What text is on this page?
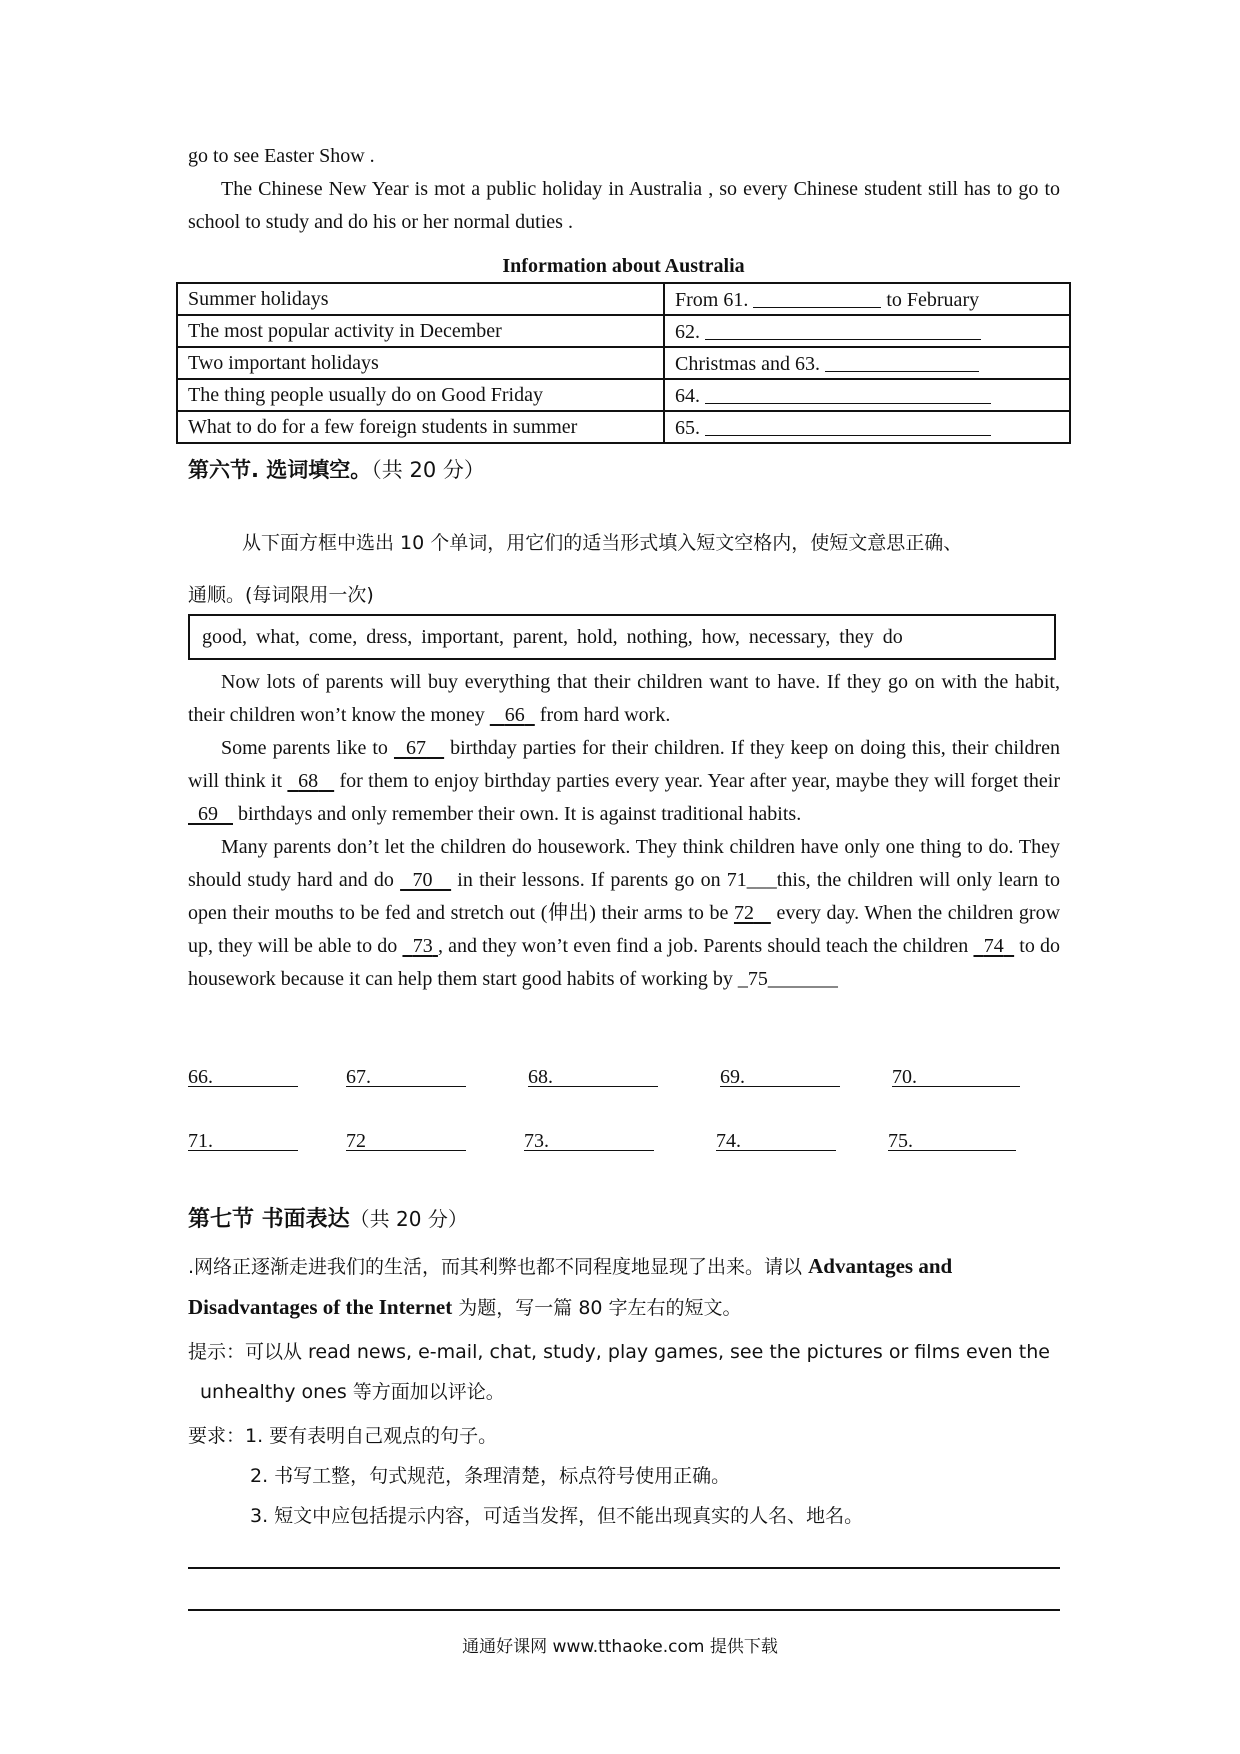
go to see Easter Show .

The Chinese New Year is mot a public holiday in Australia , so every Chinese student still has to go to school to study and do his or her normal duties .

Information about Australia

Summer holidays	From 61. to February
The most popular activity in December	62.
Two important holidays	Christmas and 63.
The thing people usually do on Good Friday	64.
What to do for a few foreign students in summer	65.
第六节. 选词填空。（共 20 分）
从下面方框中选出 10 个单词，用它们的适当形式填入短文空格内，使短文意思正确、
通顺。(每词限用一次)
good, what, come, dress, important, parent, hold, nothing, how, necessary, they do

Now lots of parents will buy everything that their children want to have. If they go on with the habit, their children won’t know the money    66   from hard work.

Some parents like to   67    birthday parties for their children. If they keep on doing this, their children will think it   68    for them to enjoy birthday parties every year. Year after year, maybe they will forget their   69    birthdays and only remember their own. It is against traditional habits.

Many parents don’t let the children do housework. They think children have only one thing to do. They should study hard and do   70    in their lessons. If parents go on 71___this, the children will only learn to open their mouths to be fed and stretch out (伸出) their arms to be 72    every day. When the children grow up, they will be able to do   73 , and they won’t even find a job. Parents should teach the children   74   to do housework because it can help them start good habits of working by _75_______

66.	67.	68.	69.	70.
71.	72	73.	74.	75.
第七节 书面表达（共 20 分）
.网络正逐渐走进我们的生活，而其利弊也都不同程度地显现了出来。请以 Advantages and
Disadvantages of the Internet 为题，写一篇 80 字左右的短文。
提示：可以从 read news, e-mail, chat, study, play games, see the pictures or films even the
unhealthy ones 等方面加以评论。
要求：1. 要有表明自己观点的句子。
2. 书写工整，句式规范，条理清楚，标点符号使用正确。
3. 短文中应包括提示内容，可适当发挥，但不能出现真实的人名、地名。
通通好课网 www.tthaoke.com 提供下载
